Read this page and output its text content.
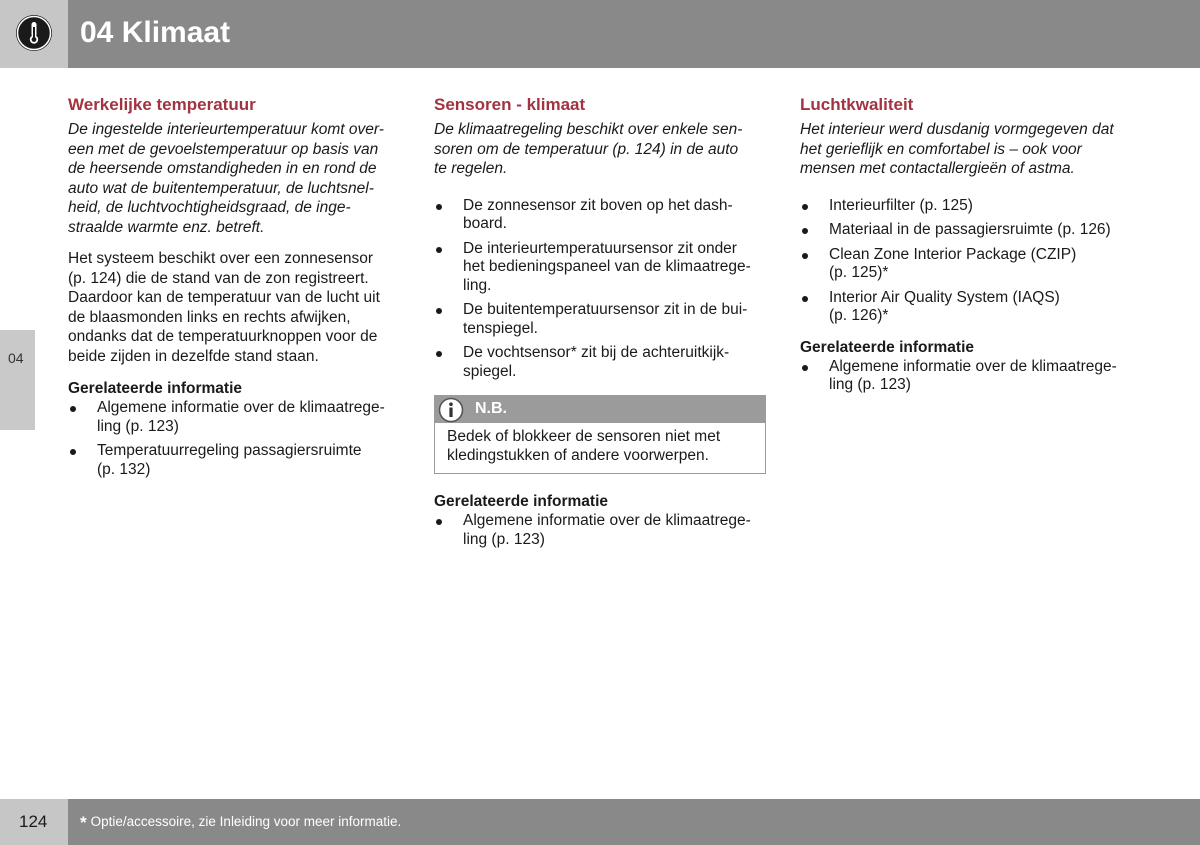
04 Klimaat
04
Werkelijke temperatuur

De ingestelde interieurtemperatuur komt over-
een met de gevoelstemperatuur op basis van
de heersende omstandigheden in en rond de
auto wat de buitentemperatuur, de luchtsnel-
heid, de luchtvochtigheidsgraad, de inge-
straalde warmte enz. betreft.

Het systeem beschikt over een zonnesensor
(p. 124) die de stand van de zon registreert.
Daardoor kan de temperatuur van de lucht uit
de blaasmonden links en rechts afwijken,
ondanks dat de temperatuurknoppen voor de
beide zijden in dezelfde stand staan.

Gerelateerde informatie
Algemene informatie over de klimaatrege-
ling (p. 123)
Temperatuurregeling passagiersruimte
(p. 132)
Sensoren - klimaat

De klimaatregeling beschikt over enkele sen-
soren om de temperatuur (p. 124) in de auto
te regelen.

De zonnesensor zit boven op het dash-
board.
De interieurtemperatuursensor zit onder
het bedieningspaneel van de klimaatrege-
ling.
De buitentemperatuursensor zit in de bui-
tenspiegel.
De vochtsensor* zit bij de achteruitkijk-
spiegel.
N.B.
Bedek of blokkeer de sensoren niet met
kledingstukken of andere voorwerpen.
Gerelateerde informatie
Algemene informatie over de klimaatrege-
ling (p. 123)
Luchtkwaliteit

Het interieur werd dusdanig vormgegeven dat
het gerieflijk en comfortabel is – ook voor
mensen met contactallergieën of astma.

Interieurfilter (p. 125)
Materiaal in de passagiersruimte (p. 126)
Clean Zone Interior Package (CZIP)
(p. 125)*
Interior Air Quality System (IAQS)
(p. 126)*
Gerelateerde informatie
Algemene informatie over de klimaatrege-
ling (p. 123)
124 * Optie/accessoire, zie Inleiding voor meer informatie.
